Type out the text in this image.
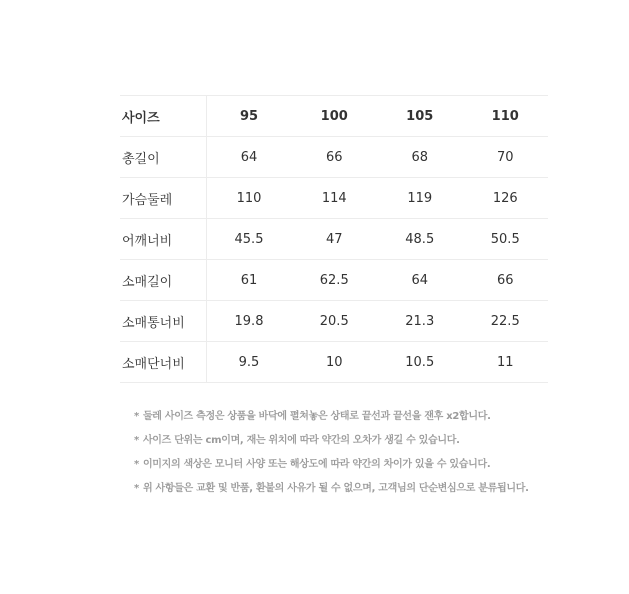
사이즈	95	100	105	110
총길이	64	66	68	70
가슴둘레	110	114	119	126
어깨너비	45.5	47	48.5	50.5
소매길이	61	62.5	64	66
소매통너비	19.8	20.5	21.3	22.5
소매단너비	9.5	10	10.5	11
* 둘레 사이즈 측정은 상품을 바닥에 펼쳐놓은 상태로 끝선과 끝선을 잰후 x2합니다.
* 사이즈 단위는 cm이며, 재는 위치에 따라 약간의 오차가 생길 수 있습니다.
* 이미지의 색상은 모니터 사양 또는 해상도에 따라 약간의 차이가 있을 수 있습니다.
* 위 사항들은 교환 및 반품, 환불의 사유가 될 수 없으며, 고객님의 단순변심으로 분류됩니다.
